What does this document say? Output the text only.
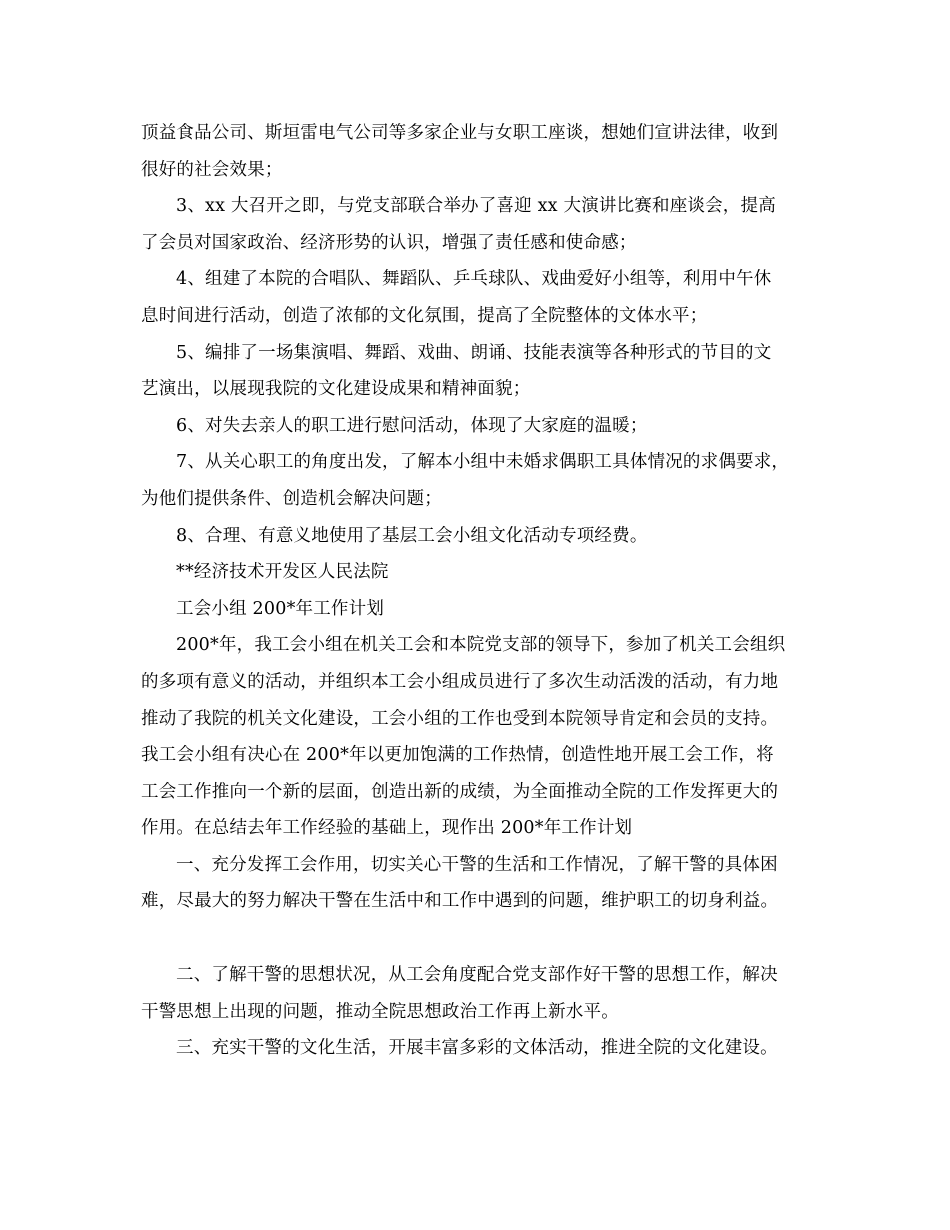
顶益食品公司、斯垣雷电气公司等多家企业与女职工座谈，想她们宣讲法律，收到
很好的社会效果；

3、xx 大召开之即，与党支部联合举办了喜迎 xx 大演讲比赛和座谈会，提高
了会员对国家政治、经济形势的认识，增强了责任感和使命感；

4、组建了本院的合唱队、舞蹈队、乒乓球队、戏曲爱好小组等，利用中午休
息时间进行活动，创造了浓郁的文化氛围，提高了全院整体的文体水平；

5、编排了一场集演唱、舞蹈、戏曲、朗诵、技能表演等各种形式的节目的文
艺演出，以展现我院的文化建设成果和精神面貌；

6、对失去亲人的职工进行慰问活动，体现了大家庭的温暖；

7、从关心职工的角度出发，了解本小组中未婚求偶职工具体情况的求偶要求，
为他们提供条件、创造机会解决问题；

8、合理、有意义地使用了基层工会小组文化活动专项经费。

**经济技术开发区人民法院

工会小组 200*年工作计划

200*年，我工会小组在机关工会和本院党支部的领导下，参加了机关工会组织
的多项有意义的活动，并组织本工会小组成员进行了多次生动活泼的活动，有力地
推动了我院的机关文化建设，工会小组的工作也受到本院领导肯定和会员的支持。
我工会小组有决心在 200*年以更加饱满的工作热情，创造性地开展工会工作，将
工会工作推向一个新的层面，创造出新的成绩，为全面推动全院的工作发挥更大的
作用。在总结去年工作经验的基础上，现作出 200*年工作计划

一、充分发挥工会作用，切实关心干警的生活和工作情况，了解干警的具体困
难，尽最大的努力解决干警在生活中和工作中遇到的问题，维护职工的切身利益。

二、了解干警的思想状况，从工会角度配合党支部作好干警的思想工作，解决
干警思想上出现的问题，推动全院思想政治工作再上新水平。

三、充实干警的文化生活，开展丰富多彩的文体活动，推进全院的文化建设。
